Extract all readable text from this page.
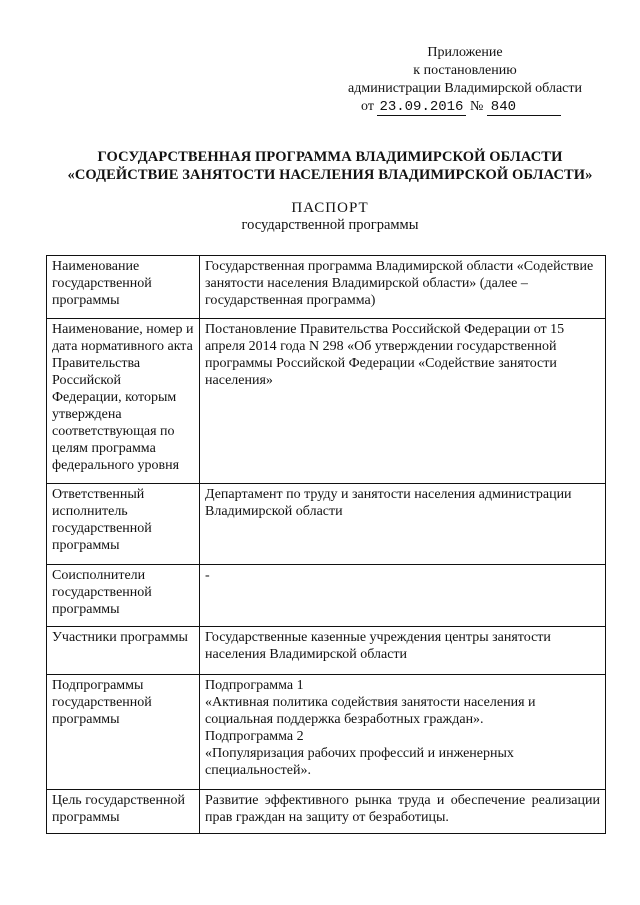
Приложение
к постановлению
администрации Владимирской области
от 23.09.2016 № 840
ГОСУДАРСТВЕННАЯ ПРОГРАММА ВЛАДИМИРСКОЙ ОБЛАСТИ
«СОДЕЙСТВИЕ ЗАНЯТОСТИ НАСЕЛЕНИЯ ВЛАДИМИРСКОЙ ОБЛАСТИ»
ПАСПОРТ
государственной программы
Наименование государственной программы	Государственная программа Владимирской области «Содействие занятости населения Владимирской области» (далее – государственная программа)
Наименование, номер и дата нормативного акта Правительства Российской Федерации, которым утверждена соответствующая по целям программа федерального уровня	Постановление Правительства Российской Федерации от 15 апреля 2014 года N 298 «Об утверждении государственной программы Российской Федерации «Содействие занятости населения»
Ответственный исполнитель государственной программы	Департамент по труду и занятости населения администрации Владимирской области
Соисполнители государственной программы	-
Участники программы	Государственные казенные учреждения центры занятости населения Владимирской области
Подпрограммы государственной программы	Подпрограмма 1
«Активная политика содействия занятости населения и социальная поддержка безработных граждан».
Подпрограмма 2
«Популяризация рабочих профессий и инженерных специальностей».

Цель государственной программы	Развитие эффективного рынка труда и обеспечение реализации прав граждан на защиту от безработицы.
